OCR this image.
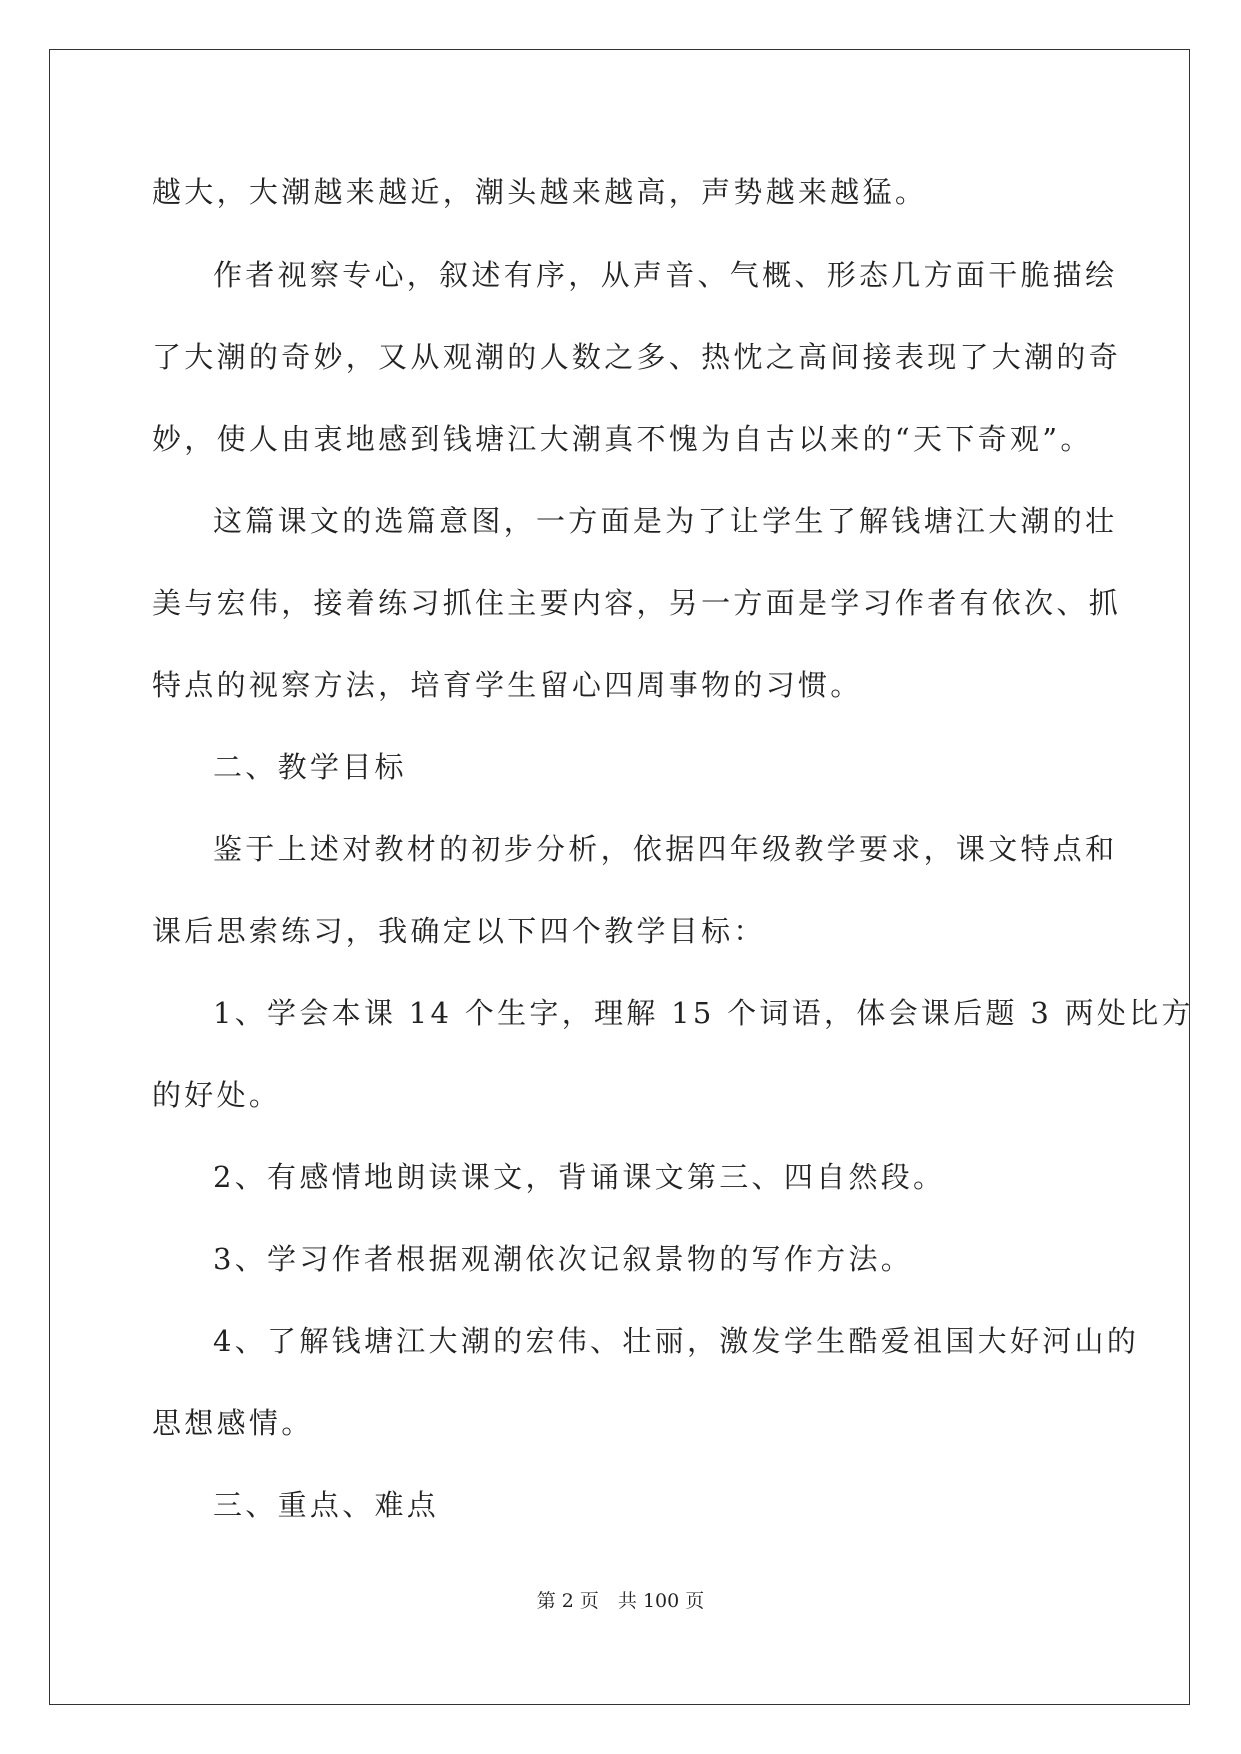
越大，大潮越来越近，潮头越来越高，声势越来越猛。
作者视察专心，叙述有序，从声音、气概、形态几方面干脆描绘
了大潮的奇妙，又从观潮的人数之多、热忱之高间接表现了大潮的奇
妙，使人由衷地感到钱塘江大潮真不愧为自古以来的“天下奇观”。
这篇课文的选篇意图，一方面是为了让学生了解钱塘江大潮的壮
美与宏伟，接着练习抓住主要内容，另一方面是学习作者有依次、抓
特点的视察方法，培育学生留心四周事物的习惯。
二、教学目标
鉴于上述对教材的初步分析，依据四年级教学要求，课文特点和
课后思索练习，我确定以下四个教学目标：
1、学会本课 14 个生字，理解 15 个词语，体会课后题 3 两处比方
的好处。
2、有感情地朗读课文，背诵课文第三、四自然段。
3、学习作者根据观潮依次记叙景物的写作方法。
4、了解钱塘江大潮的宏伟、壮丽，激发学生酷爱祖国大好河山的
思想感情。
三、重点、难点
第 2 页　共 100 页
